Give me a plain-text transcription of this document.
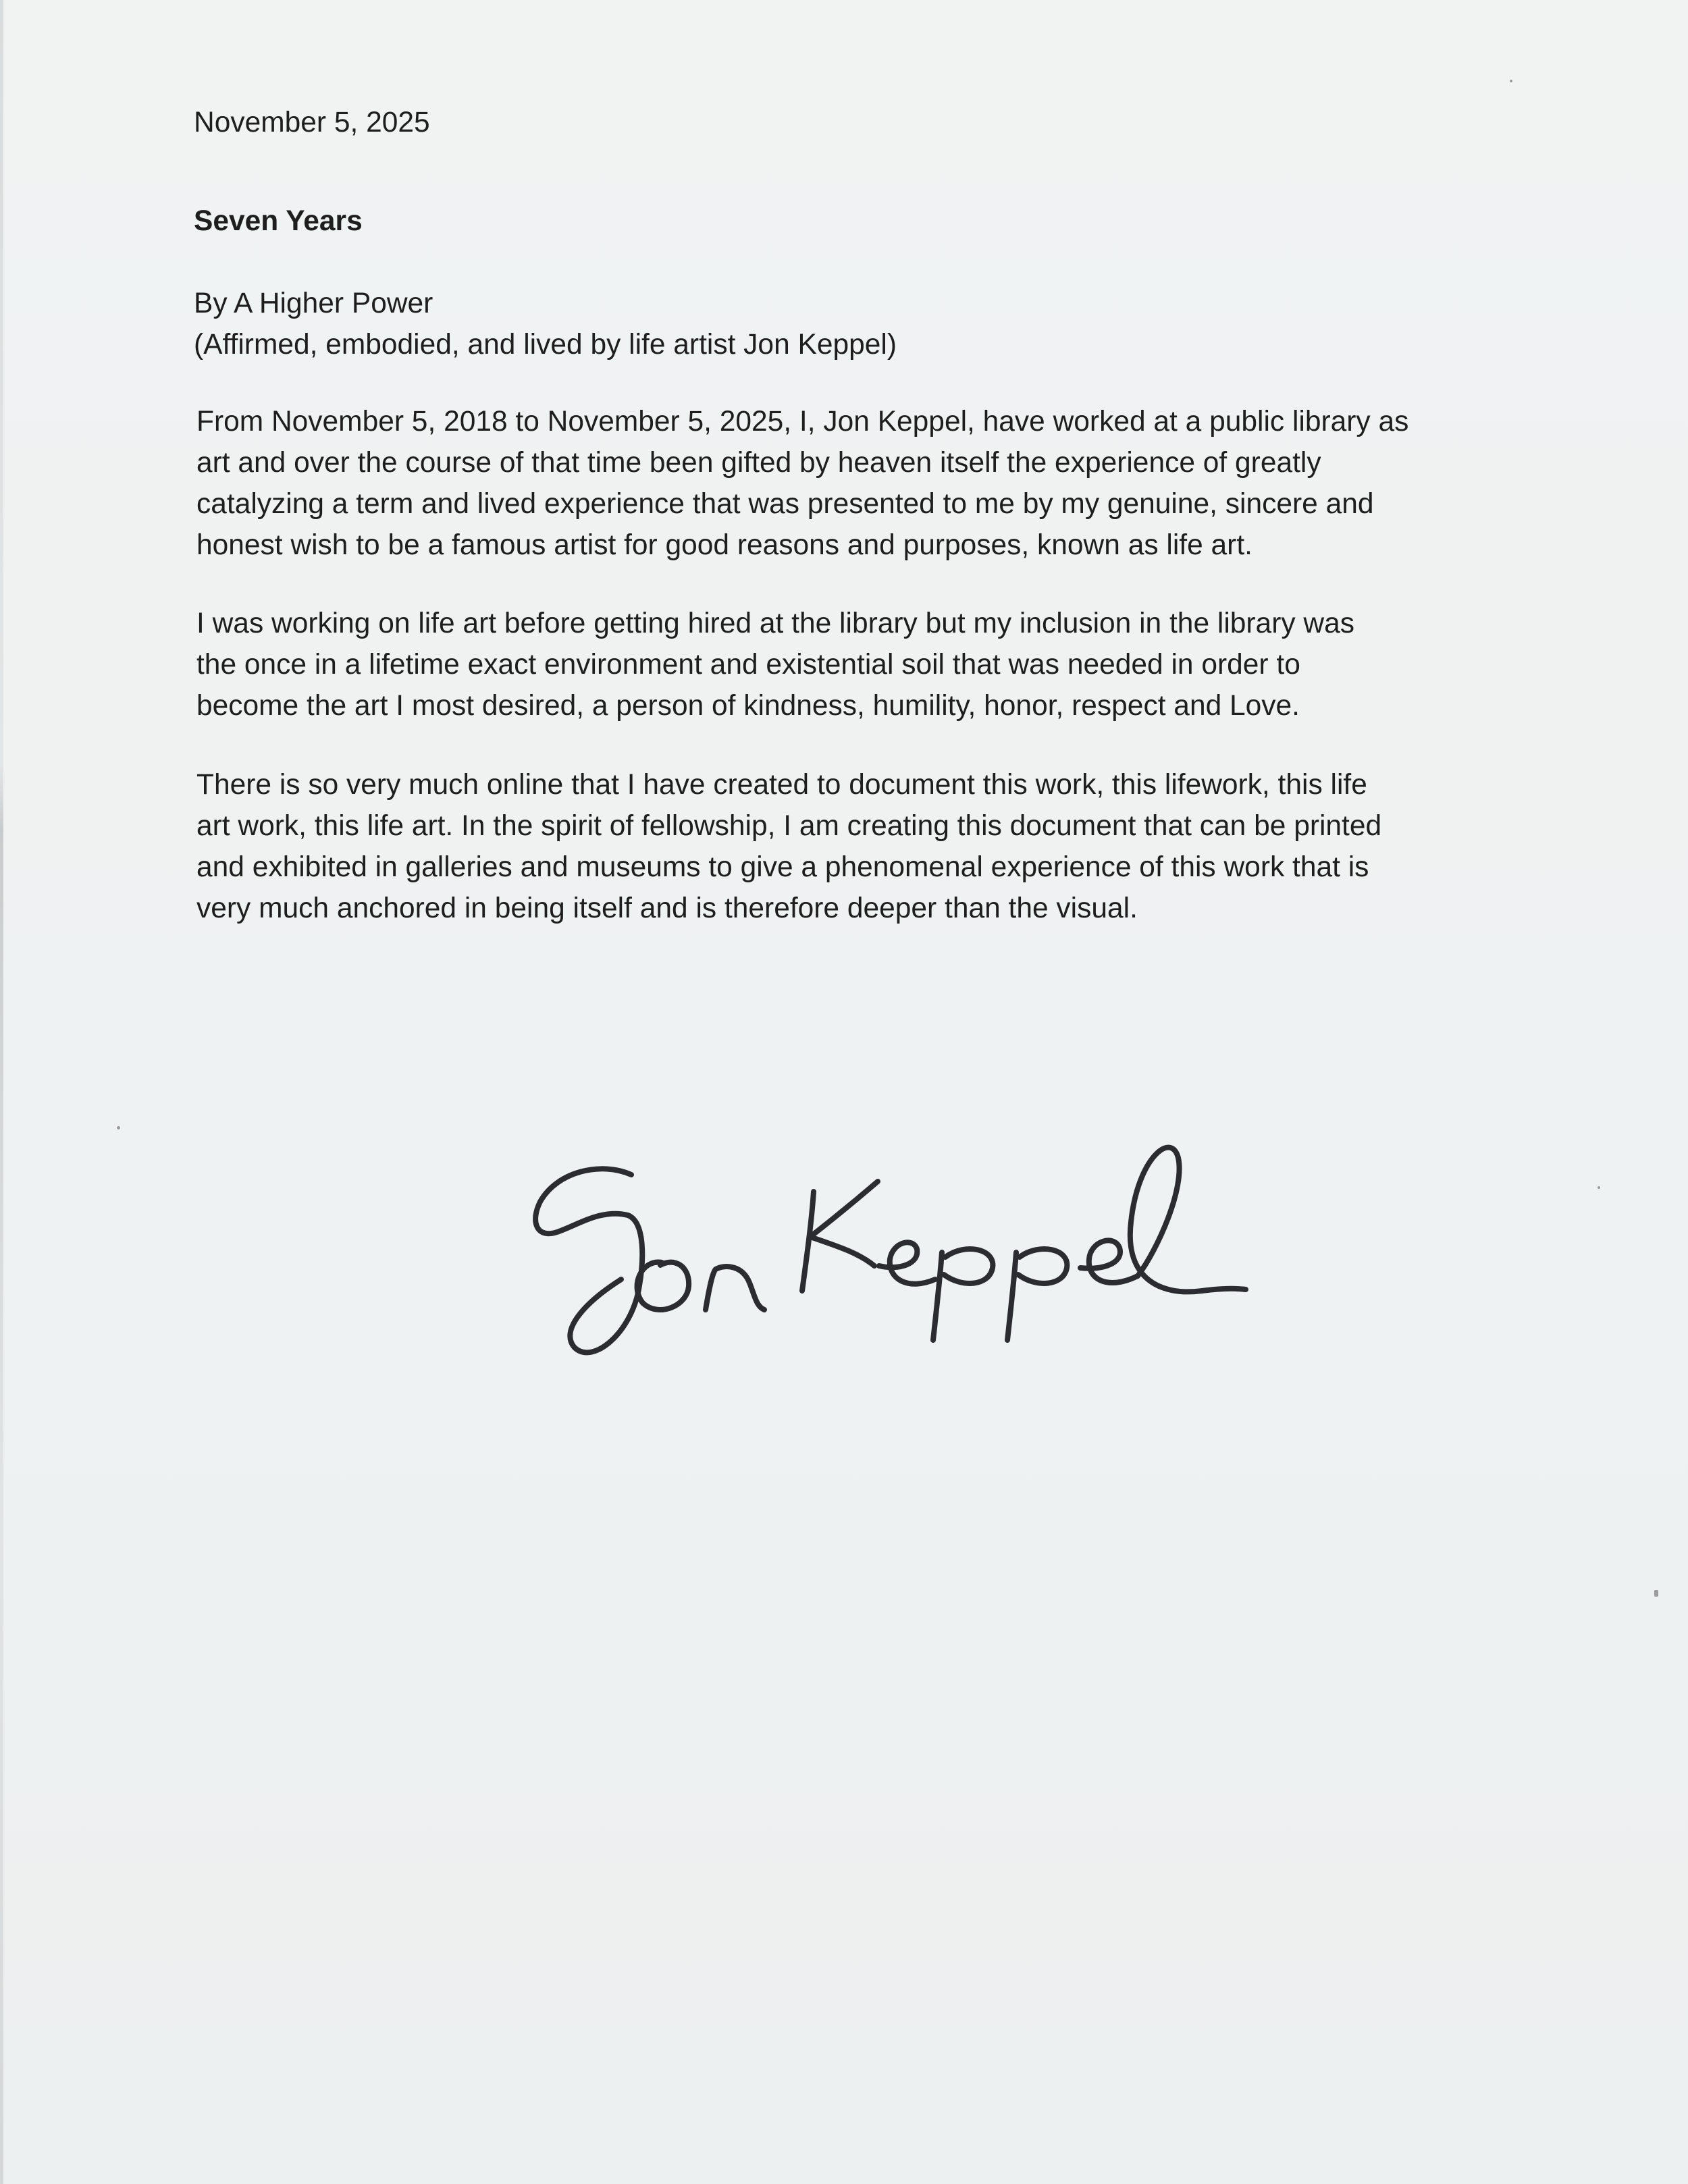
November 5, 2025

Seven Years

By A Higher Power
(Affirmed, embodied, and lived by life artist Jon Keppel)

From November 5, 2018 to November 5, 2025, I, Jon Keppel, have worked at a public library as
art and over the course of that time been gifted by heaven itself the experience of greatly
catalyzing a term and lived experience that was presented to me by my genuine, sincere and
honest wish to be a famous artist for good reasons and purposes, known as life art.

I was working on life art before getting hired at the library but my inclusion in the library was
the once in a lifetime exact environment and existential soil that was needed in order to
become the art I most desired, a person of kindness, humility, honor, respect and Love.

There is so very much online that I have created to document this work, this lifework, this life
art work, this life art. In the spirit of fellowship, I am creating this document that can be printed
and exhibited in galleries and museums to give a phenomenal experience of this work that is
very much anchored in being itself and is therefore deeper than the visual.
